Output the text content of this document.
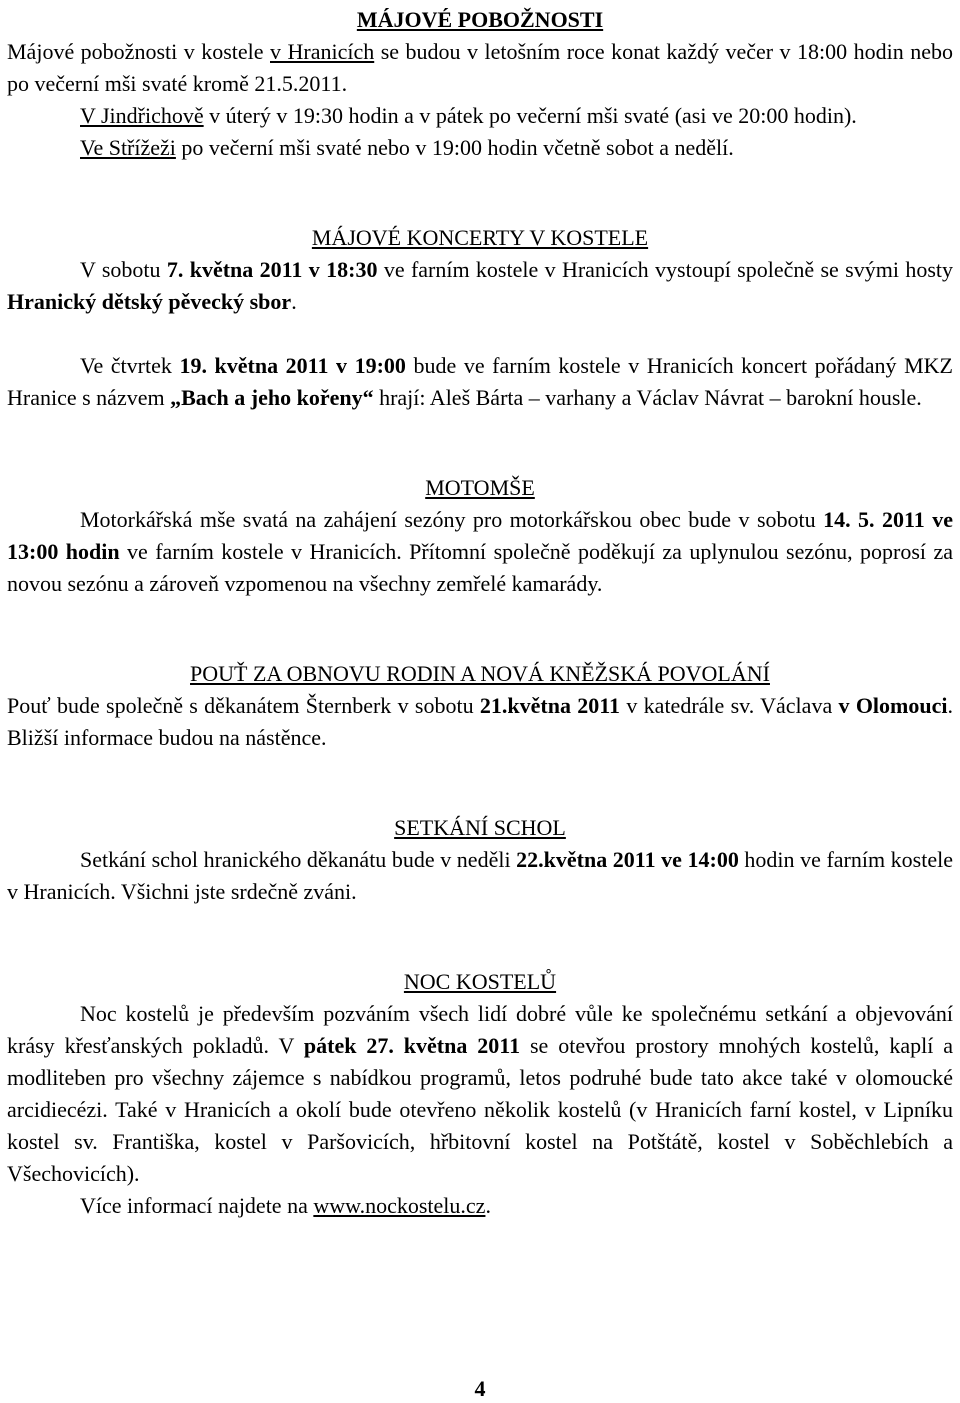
MÁJOVÉ POBOŽNOSTI

Májové pobožnosti v kostele v Hranicích se budou v letošním roce konat každý večer v 18:00 hodin nebo po večerní mši svaté kromě 21.5.2011.

V Jindřichově v úterý v 19:30 hodin a v pátek po večerní mši svaté (asi ve 20:00 hodin).

Ve Střížeži po večerní mši svaté nebo v 19:00 hodin včetně sobot a nedělí.

MÁJOVÉ KONCERTY V KOSTELE

V sobotu 7. května 2011 v 18:30 ve farním kostele v Hranicích vystoupí společně se svými hosty Hranický dětský pěvecký sbor.

Ve čtvrtek 19. května 2011 v 19:00 bude ve farním kostele v Hranicích koncert pořádaný MKZ Hranice s názvem „Bach a jeho kořeny“ hrají: Aleš Bárta – varhany a Václav Návrat – barokní housle.

MOTOMŠE

Motorkářská mše svatá na zahájení sezóny pro motorkářskou obec bude v sobotu 14. 5. 2011 ve 13:00 hodin ve farním kostele v Hranicích. Přítomní společně poděkují za uplynulou sezónu, poprosí za novou sezónu a zároveň vzpomenou na všechny zemřelé kamarády.

POUŤ ZA OBNOVU RODIN A NOVÁ KNĚŽSKÁ POVOLÁNÍ

Pouť bude společně s děkanátem Šternberk v sobotu 21.května 2011 v katedrále sv. Václava v Olomouci. Bližší informace budou na nástěnce.

SETKÁNÍ SCHOL

Setkání schol hranického děkanátu bude v neděli 22.května 2011 ve 14:00 hodin ve farním kostele v Hranicích. Všichni jste srdečně zváni.

NOC KOSTELŮ

Noc kostelů je především pozváním všech lidí dobré vůle ke společnému setkání a objevování krásy křesťanských pokladů. V pátek 27. května 2011 se otevřou prostory mnohých kostelů, kaplí a modliteben pro všechny zájemce s nabídkou programů, letos podruhé bude tato akce také v olomoucké arcidiecézi. Také v Hranicích a okolí bude otevřeno několik kostelů (v Hranicích farní kostel, v Lipníku kostel sv. Františka, kostel v Paršovicích, hřbitovní kostel na Potštátě, kostel v Soběchlebích a Všechovicích).

Více informací najdete na www.nockostelu.cz.

4
